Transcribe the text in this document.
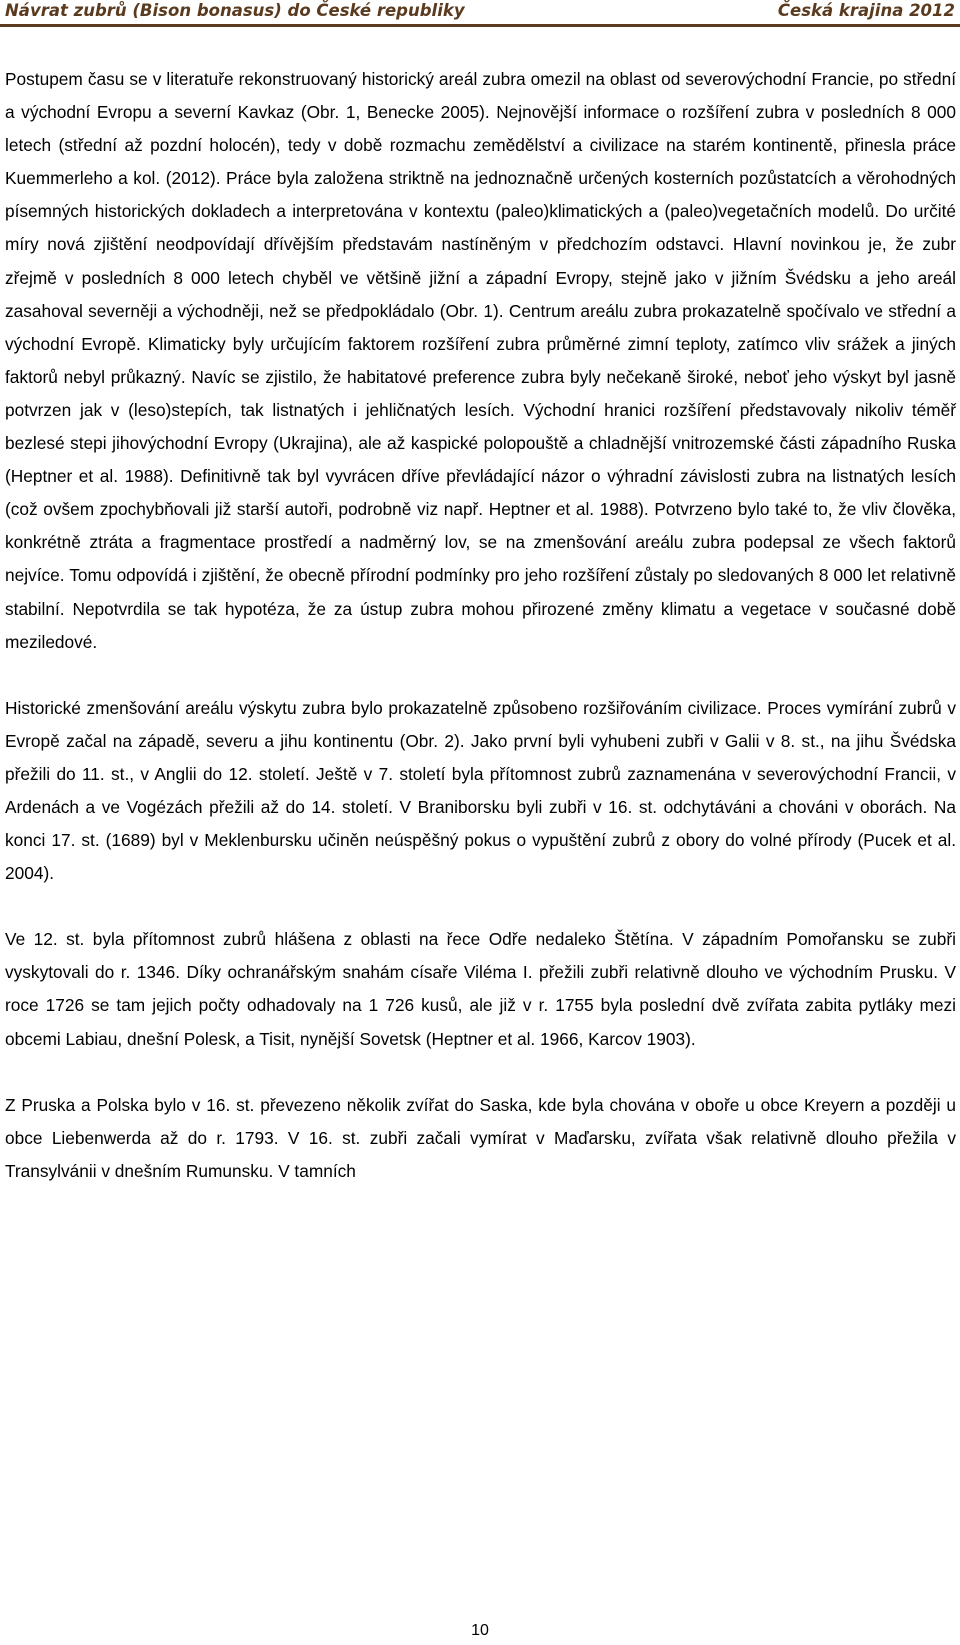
Návrat zubrů (Bison bonasus) do České republiky	Česká krajina 2012

Postupem času se v literatuře rekonstruovaný historický areál zubra omezil na oblast od severovýchodní Francie, po střední a východní Evropu a severní Kavkaz (Obr. 1, Benecke 2005). Nejnovější informace o rozšíření zubra v posledních 8 000 letech (střední až pozdní holocén), tedy v době rozmachu zemědělství a civilizace na starém kontinentě, přinesla práce Kuemmerleho a kol. (2012). Práce byla založena striktně na jednoznačně určených kosterních pozůstatcích a věrohodných písemných historických dokladech a interpretována v kontextu (paleo)klimatických a (paleo)vegetačních modelů. Do určité míry nová zjištění neodpovídají dřívějším představám nastíněným v předchozím odstavci. Hlavní novinkou je, že zubr zřejmě v posledních 8 000 letech chyběl ve většině jižní a západní Evropy, stejně jako v jižním Švédsku a jeho areál zasahoval severněji a východněji, než se předpokládalo (Obr. 1). Centrum areálu zubra prokazatelně spočívalo ve střední a východní Evropě. Klimaticky byly určujícím faktorem rozšíření zubra průměrné zimní teploty, zatímco vliv srážek a jiných faktorů nebyl průkazný. Navíc se zjistilo, že habitatové preference zubra byly nečekaně široké, neboť jeho výskyt byl jasně potvrzen jak v (leso)stepích, tak listnatých i jehličnatých lesích. Východní hranici rozšíření představovaly nikoliv téměř bezlesé stepi jihovýchodní Evropy (Ukrajina), ale až kaspické polopouště a chladnější vnitrozemské části západního Ruska (Heptner et al. 1988). Definitivně tak byl vyvrácen dříve převládající názor o výhradní závislosti zubra na listnatých lesích (což ovšem zpochybňovali již starší autoři, podrobně viz např. Heptner et al. 1988). Potvrzeno bylo také to, že vliv člověka, konkrétně ztráta a fragmentace prostředí a nadměrný lov, se na zmenšování areálu zubra podepsal ze všech faktorů nejvíce. Tomu odpovídá i zjištění, že obecně přírodní podmínky pro jeho rozšíření zůstaly po sledovaných 8 000 let relativně stabilní. Nepotvrdila se tak hypotéza, že za ústup zubra mohou přirozené změny klimatu a vegetace v současné době meziledové.

Historické zmenšování areálu výskytu zubra bylo prokazatelně způsobeno rozšiřováním civilizace. Proces vymírání zubrů v Evropě začal na západě, severu a jihu kontinentu (Obr. 2). Jako první byli vyhubeni zubři v Galii v 8. st., na jihu Švédska přežili do 11. st., v Anglii do 12. století. Ještě v 7. století byla přítomnost zubrů zaznamenána v severovýchodní Francii, v Ardenách a ve Vogézách přežili až do 14. století. V Braniborsku byli zubři v 16. st. odchytáváni a chováni v oborách. Na konci 17. st. (1689) byl v Meklenbursku učiněn neúspěšný pokus o vypuštění zubrů z obory do volné přírody (Pucek et al. 2004).

Ve 12. st. byla přítomnost zubrů hlášena z oblasti na řece Odře nedaleko Štětína. V západním Pomořansku se zubři vyskytovali do r. 1346. Díky ochranářským snahám císaře Viléma I. přežili zubři relativně dlouho ve východním Prusku. V roce 1726 se tam jejich počty odhadovaly na 1 726 kusů, ale již v r. 1755 byla poslední dvě zvířata zabita pytláky mezi obcemi Labiau, dnešní Polesk, a Tisit, nynější Sovetsk (Heptner et al. 1966, Karcov 1903).

Z Pruska a Polska bylo v 16. st. převezeno několik zvířat do Saska, kde byla chována v oboře u obce Kreyern a později u obce Liebenwerda až do r. 1793. V 16. st. zubři začali vymírat v Maďarsku, zvířata však relativně dlouho přežila v Transylvánii v dnešním Rumunsku. V tamních

10
